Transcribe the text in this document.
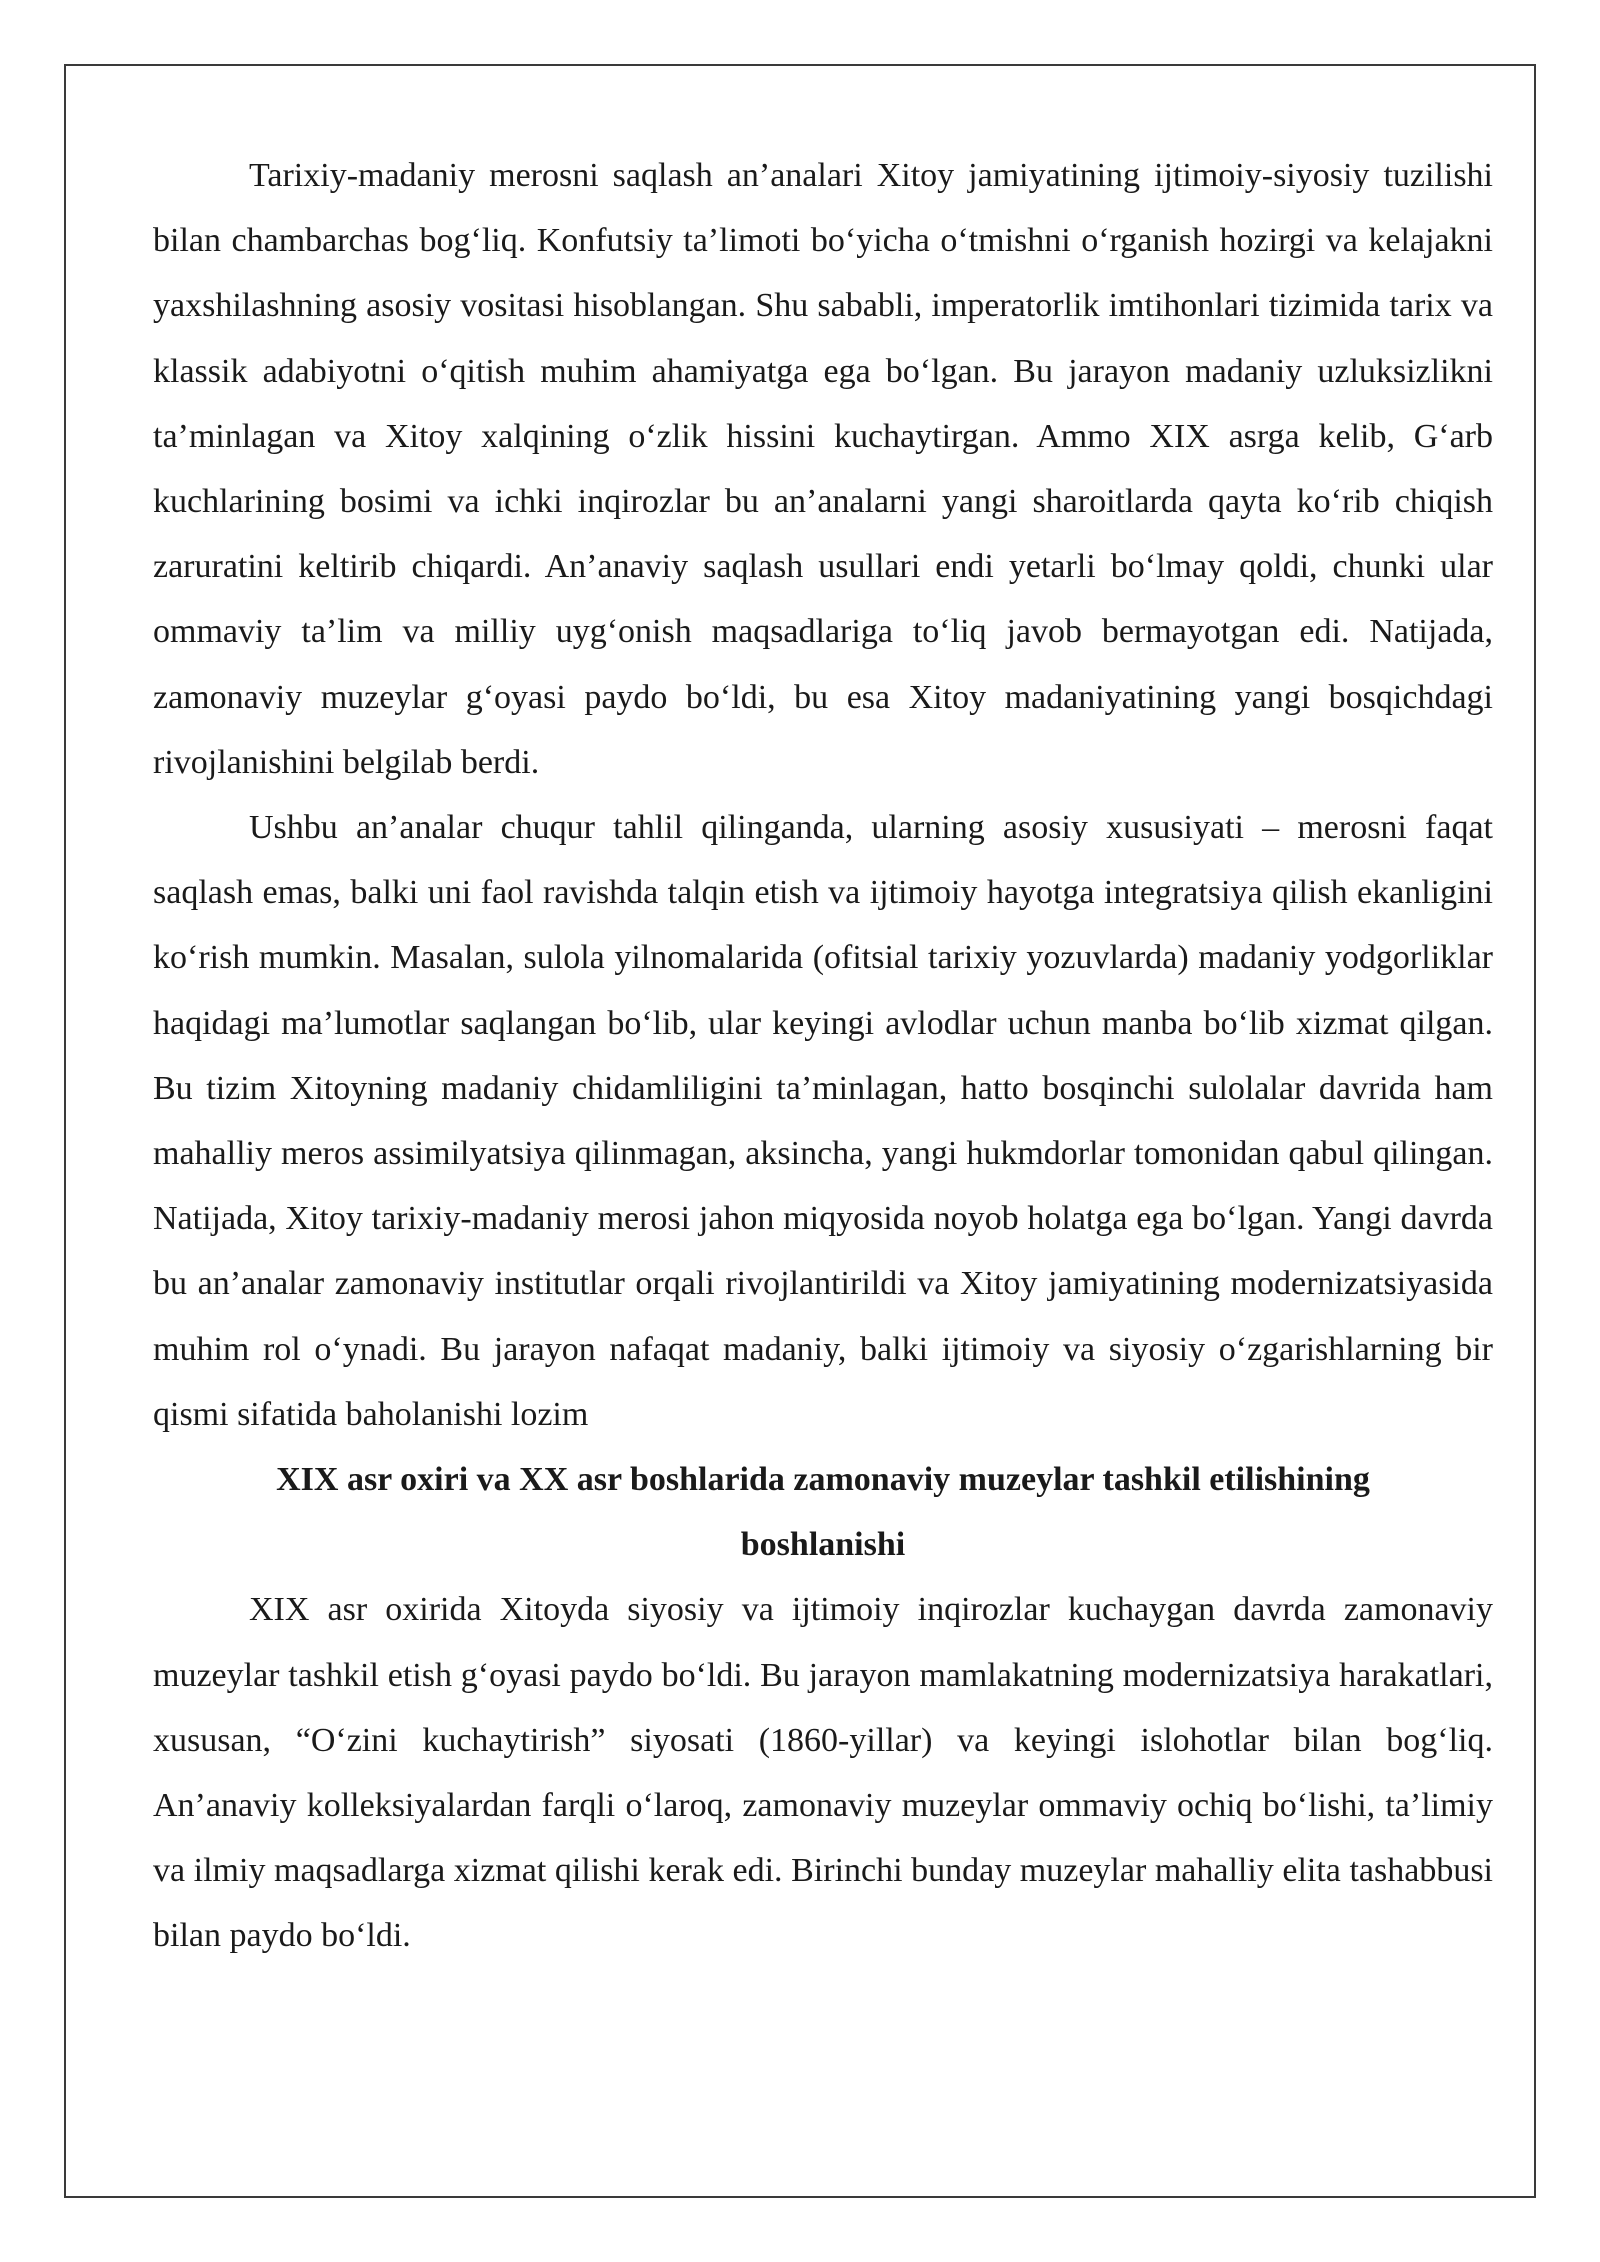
Tarixiy-madaniy merosni saqlash an’analari Xitoy jamiyatining ijtimoiy-siyosiy tuzilishi bilan chambarchas bog‘liq. Konfutsiy ta’limoti bo‘yicha o‘tmishni o‘rganish hozirgi va kelajakni yaxshilashning asosiy vositasi hisoblangan. Shu sababli, imperatorlik imtihonlari tizimida tarix va klassik adabiyotni o‘qitish muhim ahamiyatga ega bo‘lgan. Bu jarayon madaniy uzluksizlikni ta’minlagan va Xitoy xalqining o‘zlik hissini kuchaytirgan. Ammo XIX asrga kelib, G‘arb kuchlarining bosimi va ichki inqirozlar bu an’analarni yangi sharoitlarda qayta ko‘rib chiqish zaruratini keltirib chiqardi. An’anaviy saqlash usullari endi yetarli bo‘lmay qoldi, chunki ular ommaviy ta’lim va milliy uyg‘onish maqsadlariga to‘liq javob bermayotgan edi. Natijada, zamonaviy muzeylar g‘oyasi paydo bo‘ldi, bu esa Xitoy madaniyatining yangi bosqichdagi rivojlanishini belgilab berdi.

Ushbu an’analar chuqur tahlil qilinganda, ularning asosiy xususiyati – merosni faqat saqlash emas, balki uni faol ravishda talqin etish va ijtimoiy hayotga integratsiya qilish ekanligini ko‘rish mumkin. Masalan, sulola yilnomalarida (ofitsial tarixiy yozuvlarda) madaniy yodgorliklar haqidagi ma’lumotlar saqlangan bo‘lib, ular keyingi avlodlar uchun manba bo‘lib xizmat qilgan. Bu tizim Xitoyning madaniy chidamliligini ta’minlagan, hatto bosqinchi sulolalar davrida ham mahalliy meros assimilyatsiya qilinmagan, aksincha, yangi hukmdorlar tomonidan qabul qilingan. Natijada, Xitoy tarixiy-madaniy merosi jahon miqyosida noyob holatga ega bo‘lgan. Yangi davrda bu an’analar zamonaviy institutlar orqali rivojlantirildi va Xitoy jamiyatining modernizatsiyasida muhim rol o‘ynadi. Bu jarayon nafaqat madaniy, balki ijtimoiy va siyosiy o‘zgarishlarning bir qismi sifatida baholanishi lozim

XIX asr oxiri va XX asr boshlarida zamonaviy muzeylar tashkil etilishining boshlanishi

XIX asr oxirida Xitoyda siyosiy va ijtimoiy inqirozlar kuchaygan davrda zamonaviy muzeylar tashkil etish g‘oyasi paydo bo‘ldi. Bu jarayon mamlakatning modernizatsiya harakatlari, xususan, “O‘zini kuchaytirish” siyosati (1860-yillar) va keyingi islohotlar bilan bog‘liq. An’anaviy kolleksiyalardan farqli o‘laroq, zamonaviy muzeylar ommaviy ochiq bo‘lishi, ta’limiy va ilmiy maqsadlarga xizmat qilishi kerak edi. Birinchi bunday muzeylar mahalliy elita tashabbusi bilan paydo bo‘ldi.
